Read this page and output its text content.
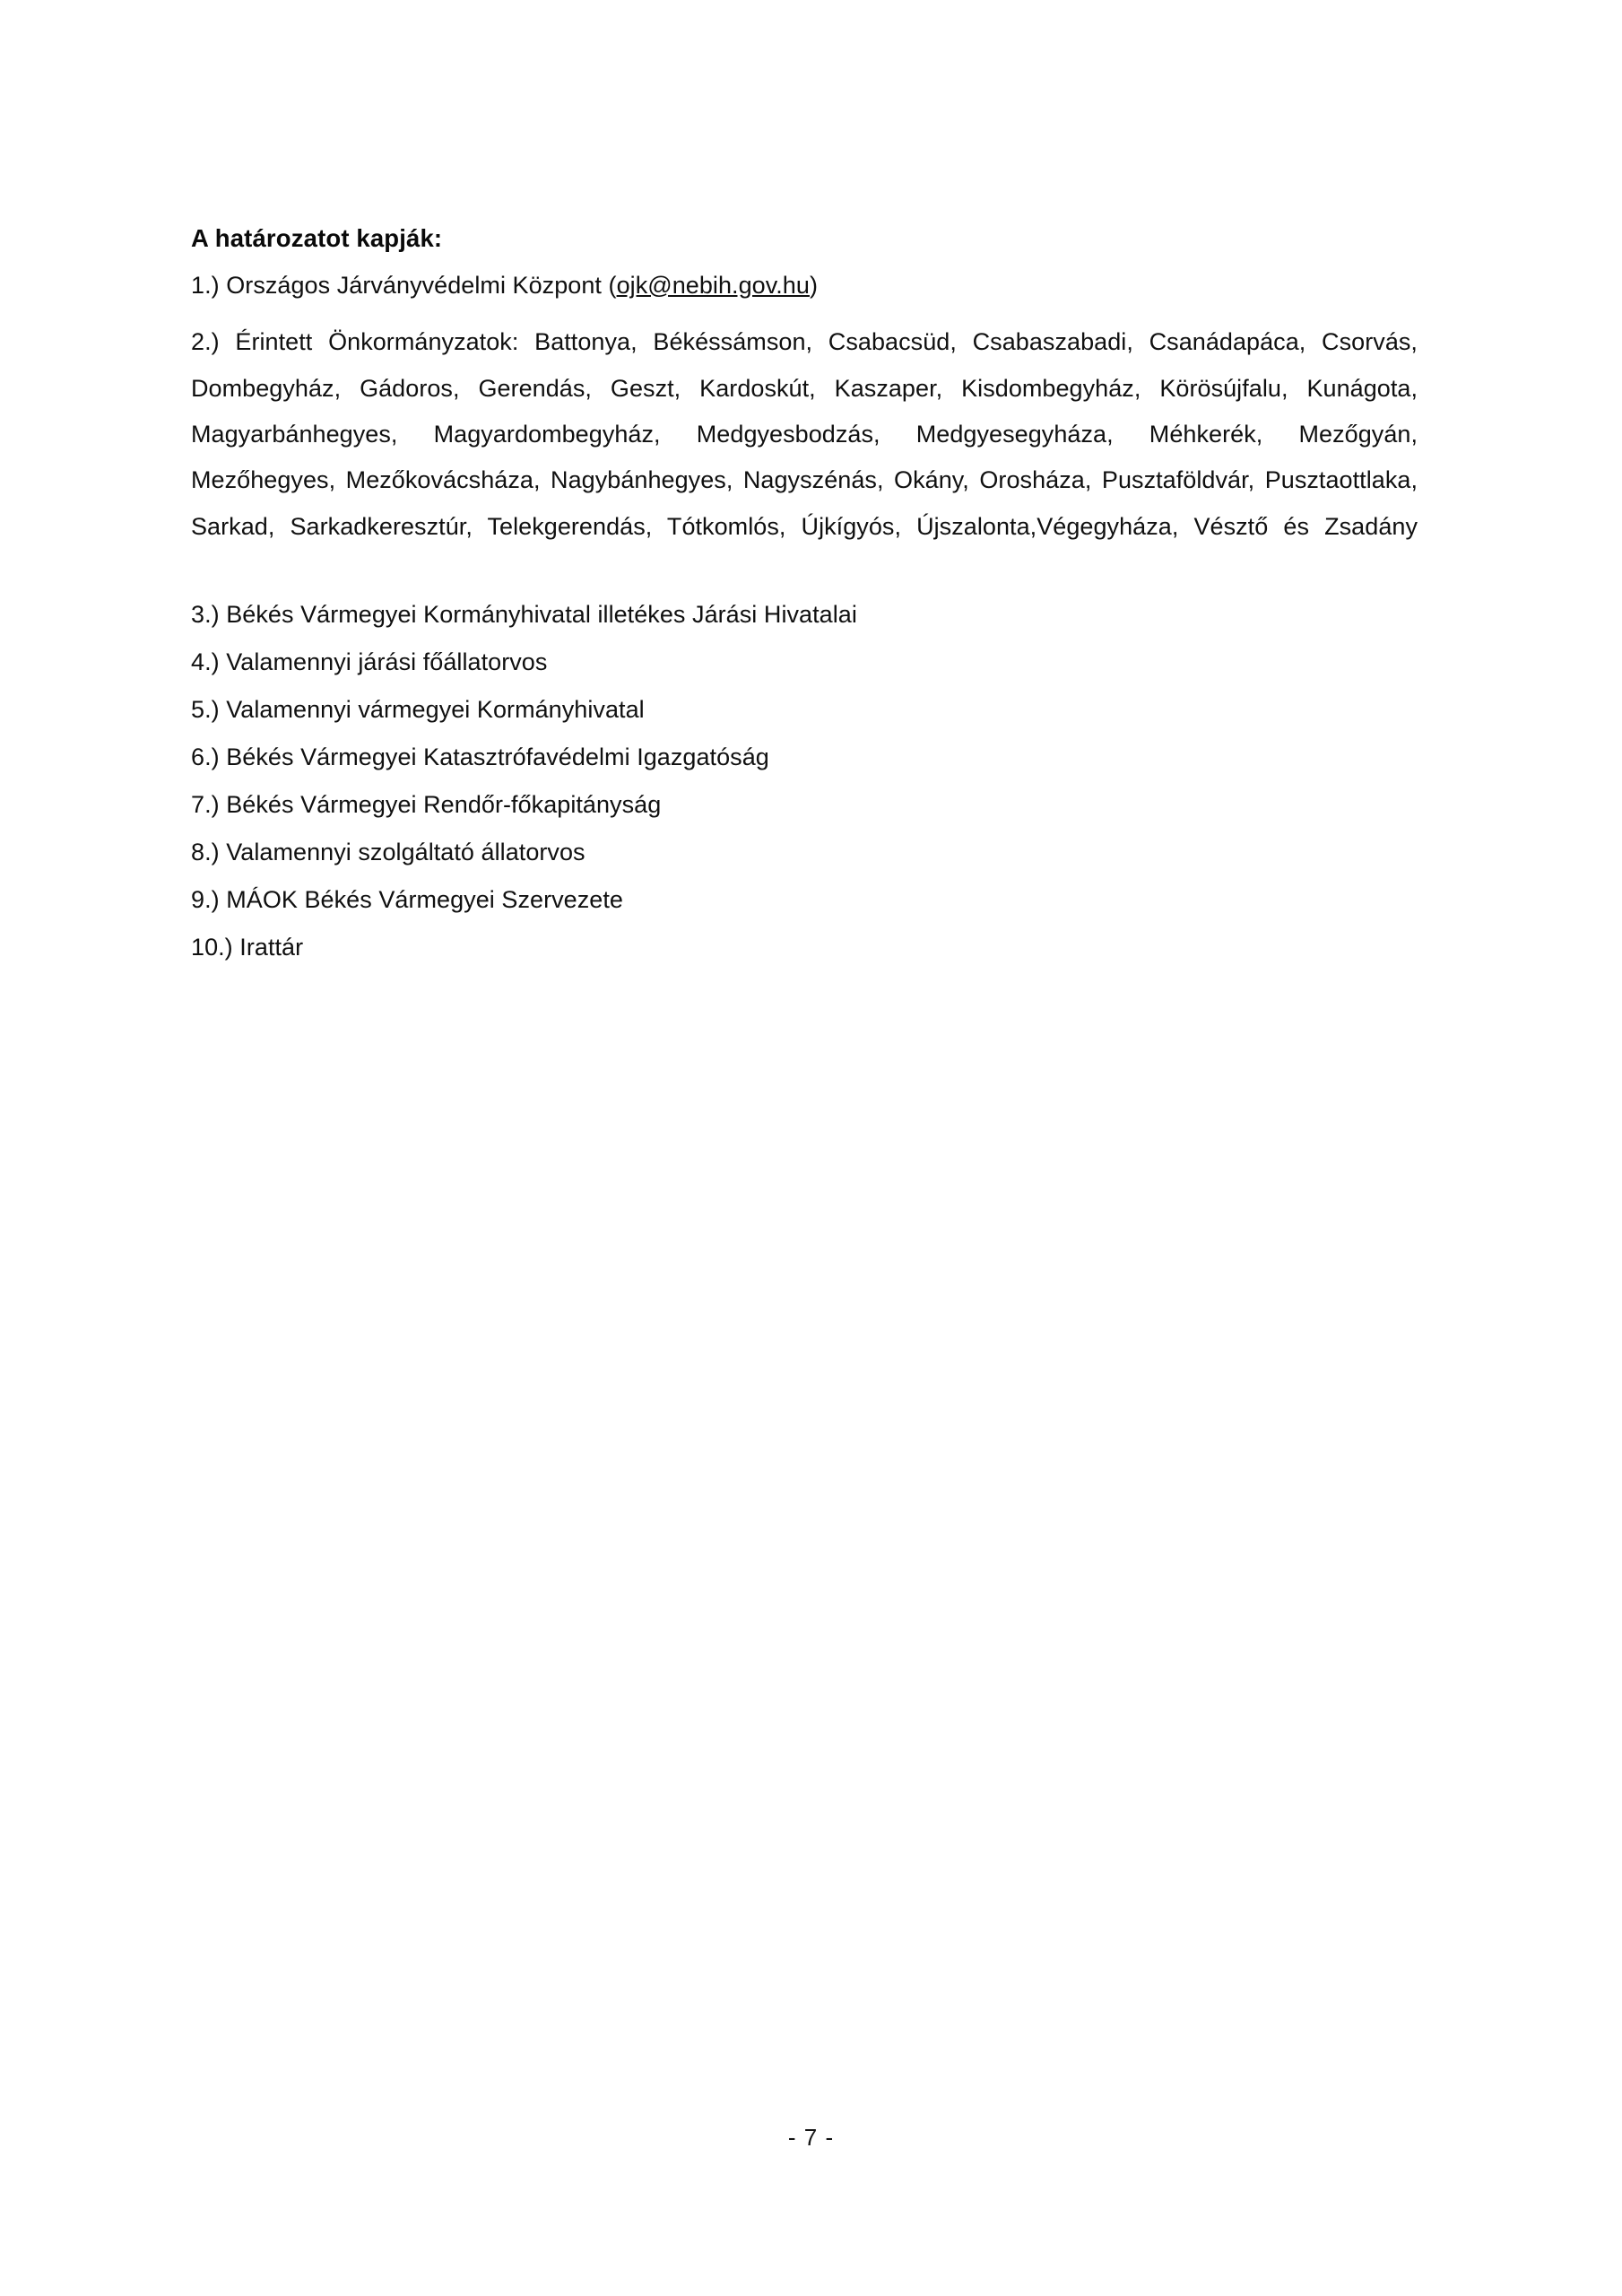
A határozatot kapják:

1.) Országos Járványvédelmi Központ (ojk@nebih.gov.hu)

2.) Érintett Önkormányzatok: Battonya, Békéssámson, Csabacsüd, Csabaszabadi, Csanádapáca, Csorvás, Dombegyház, Gádoros, Gerendás, Geszt, Kardoskút, Kaszaper, Kisdombegyház, Körösújfalu, Kunágota, Magyarbánhegyes, Magyardombegyház, Medgyesbodzás, Medgyesegyháza, Méhkerék, Mezőgyán, Mezőhegyes, Mezőkovácsháza, Nagybánhegyes, Nagyszénás, Okány, Orosháza, Pusztaföldvár, Pusztaottlaka, Sarkad, Sarkadkeresztúr, Telekgerendás, Tótkomlós, Újkígyós, Újszalonta,Végegyháza, Vésztő és Zsadány

3.) Békés Vármegyei Kormányhivatal illetékes Járási Hivatalai

4.) Valamennyi járási főállatorvos

5.) Valamennyi vármegyei Kormányhivatal

6.) Békés Vármegyei Katasztrófavédelmi Igazgatóság

7.) Békés Vármegyei Rendőr-főkapitányság

8.) Valamennyi szolgáltató állatorvos

9.) MÁOK Békés Vármegyei Szervezete

10.) Irattár

- 7 -
